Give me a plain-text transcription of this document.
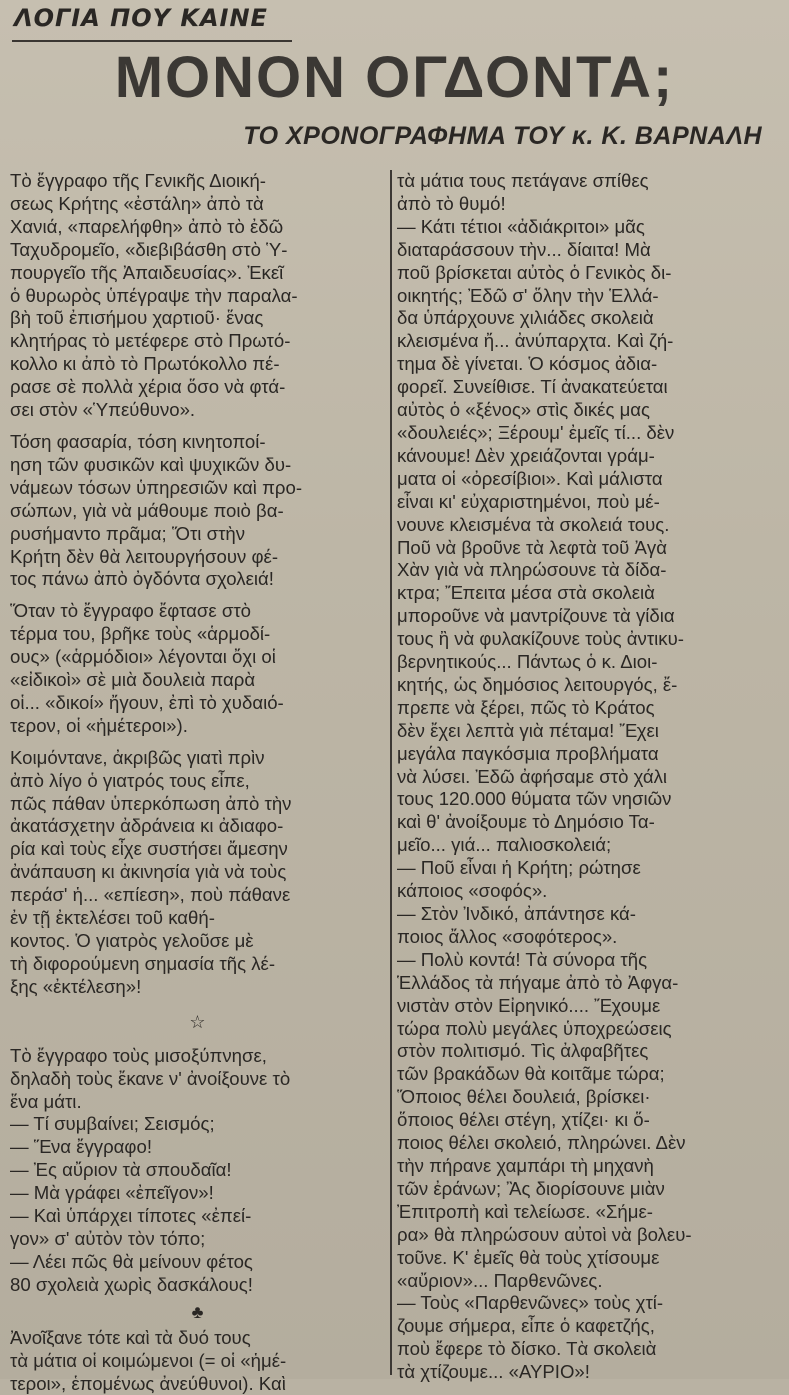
ΛΟΓΙΑ ΠΟΥ ΚΑΙΝΕ
ΜΟΝΟΝ ΟΓΔΟΝΤΑ;
ΤΟ ΧΡΟΝΟΓΡΑΦΗΜΑ ΤΟΥ κ. Κ. ΒΑΡΝΑΛΗ
Τὸ ἔγγραφο τῆς Γενικῆς Διοική-
σεως Κρήτης «ἐστάλη» ἀπὸ τὰ
Χανιά, «παρελήφθη» ἀπὸ τὸ ἐδῶ
Ταχυδρομεῖο, «διεβιβάσθη στὸ Ὑ-
πουργεῖο τῆς Ἀπαιδευσίας». Ἐκεῖ
ὁ θυρωρὸς ὑπέγραψε τὴν παραλα-
βὴ τοῦ ἐπισήμου χαρτιοῦ· ἕνας
κλητήρας τὸ μετέφερε στὸ Πρωτό-
κολλο κι ἀπὸ τὸ Πρωτόκολλο πέ-
ρασε σὲ πολλὰ χέρια ὅσο νὰ φτά-
σει στὸν «Ὑπεύθυνο».
Τόση φασαρία, τόση κινητοποί-
ηση τῶν φυσικῶν καὶ ψυχικῶν δυ-
νάμεων τόσων ὑπηρεσιῶν καὶ προ-
σώπων, γιὰ νὰ μάθουμε ποιὸ βα-
ρυσήμαντο πρᾶμα; Ὅτι στὴν
Κρήτη δὲν θὰ λειτουργήσουν φέ-
τος πάνω ἀπὸ ὀγδόντα σχολειά!
Ὅταν τὸ ἔγγραφο ἔφτασε στὸ
τέρμα του, βρῆκε τοὺς «ἁρμοδί-
ους» («ἁρμόδιοι» λέγονται ὄχι οἱ
«εἰδικοὶ» σὲ μιὰ δουλειὰ παρὰ
οἱ... «δικοί» ἤγουν, ἐπὶ τὸ χυδαιό-
τερον, οἱ «ἡμέτεροι»).
Κοιμόντανε, ἀκριβῶς γιατὶ πρὶν
ἀπὸ λίγο ὁ γιατρός τους εἶπε,
πῶς πάθαν ὑπερκόπωση ἀπὸ τὴν
ἀκατάσχετην ἀδράνεια κι ἀδιαφο-
ρία καὶ τοὺς εἶχε συστήσει ἄμεσην
ἀνάπαυση κι ἀκινησία γιὰ νὰ τοὺς
περάσ' ἡ... «επίεση», ποὺ πάθανε
ἐν τῇ ἐκτελέσει τοῦ καθή-
κοντος. Ὁ γιατρὸς γελοῦσε μὲ
τὴ διφορούμενη σημασία τῆς λέ-
ξης «ἐκτέλεση»!
☆
Τὸ ἔγγραφο τοὺς μισοξύπνησε,
δηλαδὴ τοὺς ἔκανε ν' ἀνοίξουνε τὸ
ἕνα μάτι.
— Τί συμβαίνει; Σεισμός;
— Ἕνα ἔγγραφο!
— Ἐς αὔριον τὰ σπουδαῖα!
— Μὰ γράφει «ἐπεῖγον»!
— Καὶ ὑπάρχει τίποτες «ἐπεί-
γον» σ' αὐτὸν τὸν τόπο;
— Λέει πῶς θὰ μείνουν φέτος
80 σχολειὰ χωρὶς δασκάλους!
♣
Ἀνοῖξανε τότε καὶ τὰ δυό τους
τὰ μάτια οἱ κοιμώμενοι (= οἱ «ἡμέ-
τεροι», ἑπομένως ἀνεύθυνοι). Καὶ
τὰ μάτια τους πετάγανε σπίθες
ἀπὸ τὸ θυμό!
— Κάτι τέτιοι «ἀδιάκριτοι» μᾶς
διαταράσσουν τὴν... δίαιτα! Μὰ
ποῦ βρίσκεται αὐτὸς ὁ Γενικὸς δι-
οικητής; Ἐδῶ σ' ὅλην τὴν Ἑλλά-
δα ὑπάρχουνε χιλιάδες σκολειὰ
κλεισμένα ἤ... ἀνύπαρχτα. Καὶ ζή-
τημα δὲ γίνεται. Ὁ κόσμος ἀδια-
φορεῖ. Συνείθισε. Τί ἀνακατεύεται
αὐτὸς ὁ «ξένος» στὶς δικές μας
«δουλειές»; Ξέρουμ' ἐμεῖς τί... δὲν
κάνουμε! Δὲν χρειάζονται γράμ-
ματα οἱ «ὀρεσίβιοι». Καὶ μάλιστα
εἶναι κι' εὐχαριστημένοι, ποὺ μέ-
νουνε κλεισμένα τὰ σκολειά τους.
Ποῦ νὰ βροῦνε τὰ λεφτὰ τοῦ Ἀγὰ
Χὰν γιὰ νὰ πληρώσουνε τὰ δίδα-
κτρα; Ἔπειτα μέσα στὰ σκολειὰ
μποροῦνε νὰ μαντρίζουνε τὰ γίδια
τους ἢ νὰ φυλακίζουνε τοὺς ἀντικυ-
βερνητικούς... Πάντως ὁ κ. Διοι-
κητής, ὡς δημόσιος λειτουργός, ἔ-
πρεπε νὰ ξέρει, πῶς τὸ Κράτος
δὲν ἔχει λεπτὰ γιὰ πέταμα! Ἔχει
μεγάλα παγκόσμια προβλήματα
νὰ λύσει. Ἐδῶ ἀφήσαμε στὸ χάλι
τους 120.000 θύματα τῶν νησιῶν
καὶ θ' ἀνοίξουμε τὸ Δημόσιο Τα-
μεῖο... γιά... παλιοσκολειά;
— Ποῦ εἶναι ἡ Κρήτη; ρώτησε
κάποιος «σοφός».
— Στὸν Ἰνδικό, ἀπάντησε κά-
ποιος ἄλλος «σοφότερος».
— Πολὺ κοντά! Τὰ σύνορα τῆς
Ἑλλάδος τὰ πήγαμε ἀπὸ τὸ Ἀφγα-
νιστὰν στὸν Εἰρηνικό.... Ἔχουμε
τώρα πολὺ μεγάλες ὑποχρεώσεις
στὸν πολιτισμό. Τὶς ἀλφαβῆτες
τῶν βρακάδων θὰ κοιτᾶμε τώρα;
Ὅποιος θέλει δουλειά, βρίσκει·
ὅποιος θέλει στέγη, χτίζει· κι ὅ-
ποιος θέλει σκολειό, πληρώνει. Δὲν
τὴν πήρανε χαμπάρι τὴ μηχανὴ
τῶν ἐράνων; Ἂς διορίσουνε μιὰν
Ἐπιτροπὴ καὶ τελείωσε. «Σήμε-
ρα» θὰ πληρώσουν αὐτοὶ νὰ βολευ-
τοῦνε. Κ' ἐμεῖς θὰ τοὺς χτίσουμε
«αὔριον»... Παρθενῶνες.
— Τοὺς «Παρθενῶνες» τοὺς χτί-
ζουμε σήμερα, εἶπε ὁ καφετζής,
ποὺ ἔφερε τὸ δίσκο. Τὰ σκολειὰ
τὰ χτίζουμε... «ΑΥΡΙΟ»!
